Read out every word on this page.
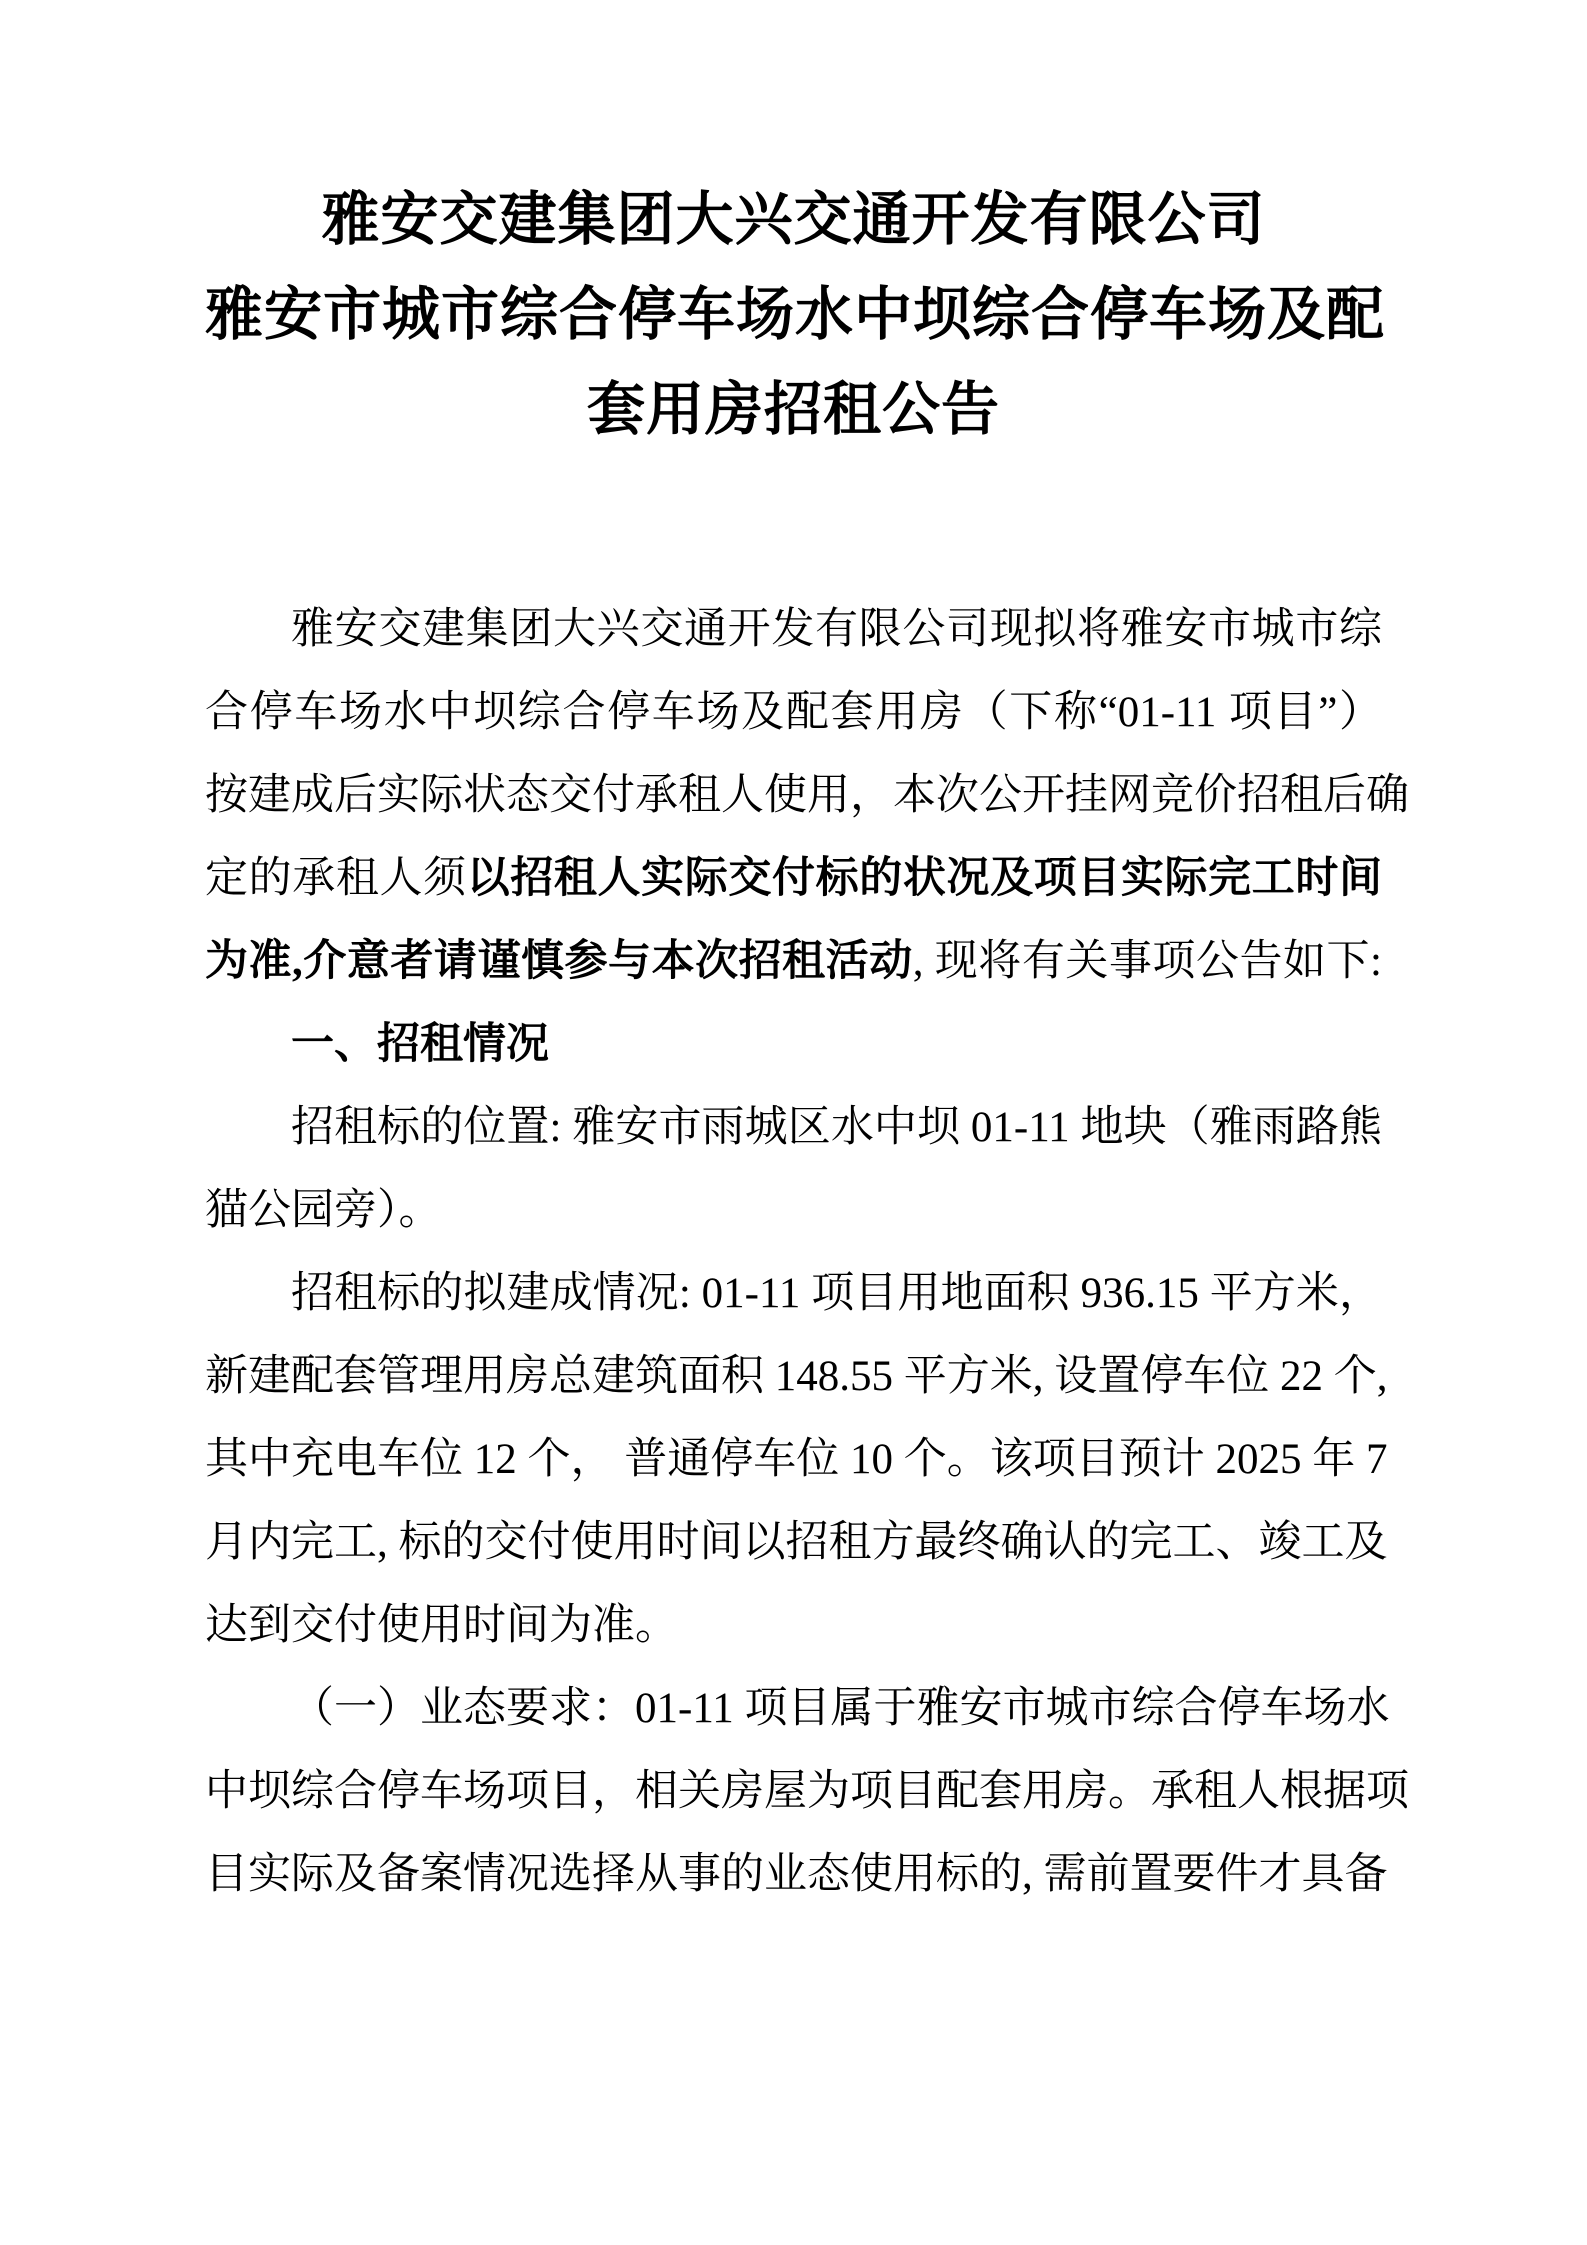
雅安交建集团大兴交通开发有限公司
雅安市城市综合停车场水中坝综合停车场及配
套用房招租公告
雅安交建集团大兴交通开发有限公司现拟将雅安市城市综
合停车场水中坝综合停车场及配套用房（下称“01-11 项目”）
按建成后实际状态交付承租人使用，本次公开挂网竞价招租后确
定的承租人须以招租人实际交付标的状况及项目实际完工时间
为准,介意者请谨慎参与本次招租活动, 现将有关事项公告如下:
一、招租情况
招租标的位置: 雅安市雨城区水中坝 01-11 地块（雅雨路熊
猫公园旁）。
招租标的拟建成情况: 01-11 项目用地面积 936.15 平方米，
新建配套管理用房总建筑面积 148.55 平方米, 设置停车位 22 个,
其中充电车位 12 个， 普通停车位 10 个。该项目预计 2025 年 7
月内完工, 标的交付使用时间以招租方最终确认的完工、竣工及
达到交付使用时间为准。
（一）业态要求：01-11 项目属于雅安市城市综合停车场水
中坝综合停车场项目，相关房屋为项目配套用房。承租人根据项
目实际及备案情况选择从事的业态使用标的, 需前置要件才具备
